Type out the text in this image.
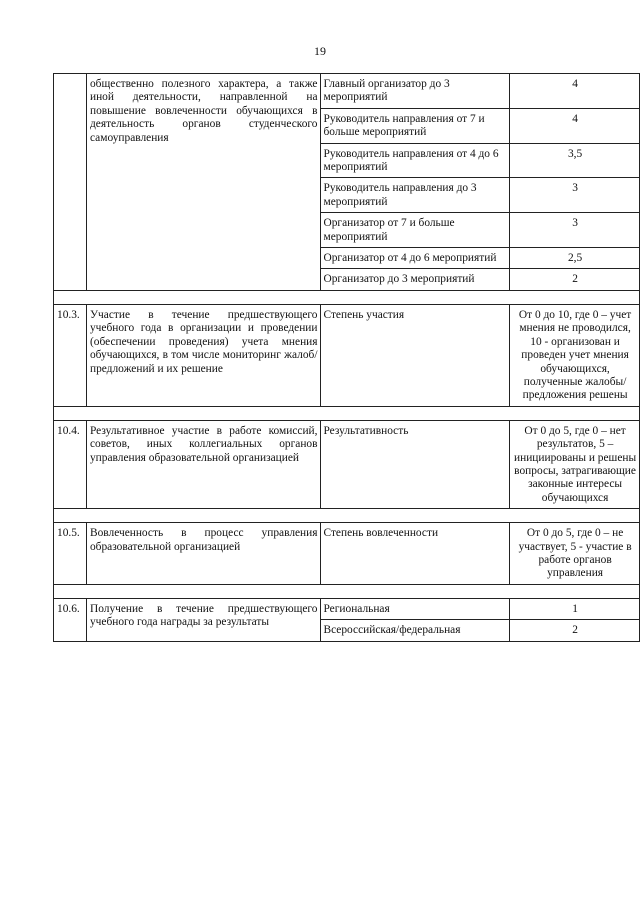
19
	общественно полезного характера, а также иной деятельности, направленной на повышение вовлеченности обучающихся в деятельность органов студенческого самоуправления	Главный организатор до 3 мероприятий	4
		Руководитель направления от 7 и больше мероприятий	4
		Руководитель направления от 4 до 6 мероприятий	3,5
		Руководитель направления до 3 мероприятий	3
		Организатор от 7 и больше мероприятий	3
		Организатор от 4 до 6 мероприятий	2,5
		Организатор до 3 мероприятий	2

10.3.	Участие в течение предшествующего учебного года в организации и проведении (обеспечении проведения) учета мнения обучающихся, в том числе мониторинг жалоб/предложений и их решение	Степень участия	От 0 до 10, где 0 – учет мнения не проводился, 10 - организован и проведен учет мнения обучающихся, полученные жалобы/ предложения решены

10.4.	Результативное участие в работе комиссий, советов, иных коллегиальных органов управления образовательной организацией	Результативность	От 0 до 5, где 0 – нет результатов, 5 – инициированы и решены вопросы, затрагивающие законные интересы обучающихся

10.5.	Вовлеченность в процесс управления образовательной организацией	Степень вовлеченности	От 0 до 5, где 0 – не участвует, 5 - участие в работе органов управления

10.6.	Получение в течение предшествующего учебного года награды за результаты	Региональная	1
		Всероссийская/федеральная	2
